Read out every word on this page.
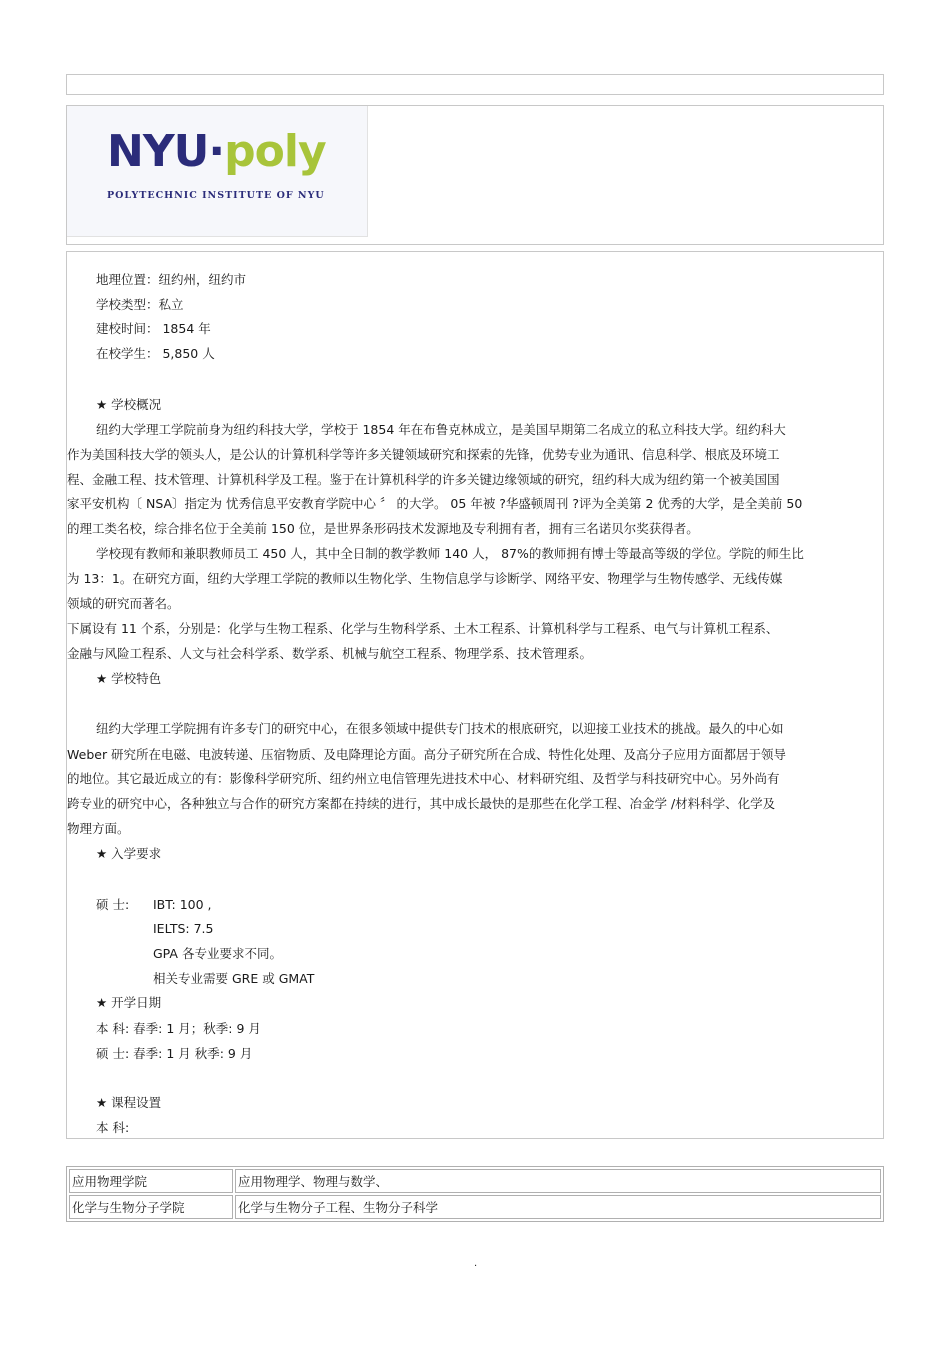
NYU·poly
POLYTECHNIC INSTITUTE OF NYU
地理位置：纽约州，纽约市
学校类型：私立
建校时间： 1854 年
在校学生： 5,850 人
★ 学校概况
纽约大学理工学院前身为纽约科技大学，学校于 1854 年在布鲁克林成立，是美国早期第二名成立的私立科技大学。纽约科大
作为美国科技大学的领头人，是公认的计算机科学等许多关键领域研究和探索的先锋，优势专业为通讯、信息科学、根底及环境工
程、金融工程、技术管理、计算机科学及工程。鉴于在计算机科学的许多关键边缘领域的研究，纽约科大成为纽约第一个被美国国
家平安机构〔 NSA〕指定为 忧秀信息平安教育学院中心 〞 的大学。 05 年被 ?华盛顿周刊 ?评为全美第 2 优秀的大学，是全美前 50
的理工类名校，综合排名位于全美前 150 位，是世界条形码技术发源地及专利拥有者，拥有三名诺贝尔奖获得者。
学校现有教师和兼职教师员工 450 人，其中全日制的教学教师 140 人， 87%的教师拥有博士等最高等级的学位。学院的师生比
为 13：1。在研究方面，纽约大学理工学院的教师以生物化学、生物信息学与诊断学、网络平安、物理学与生物传感学、无线传媒
领域的研究而著名。
下属设有 11 个系，分别是：化学与生物工程系、化学与生物科学系、土木工程系、计算机科学与工程系、电气与计算机工程系、
金融与风险工程系、人文与社会科学系、数学系、机械与航空工程系、物理学系、技术管理系。
★ 学校特色
纽约大学理工学院拥有许多专门的研究中心，在很多领域中提供专门技术的根底研究，以迎接工业技术的挑战。最久的中心如
Weber 研究所在电磁、电波转递、压宿物质、及电降理论方面。高分子研究所在合成、特性化处理、及高分子应用方面都居于领导
的地位。其它最近成立的有：影像科学研究所、纽约州立电信管理先进技术中心、材料研究组、及哲学与科技研究中心。另外尚有
跨专业的研究中心，各种独立与合作的研究方案都在持续的进行，其中成长最快的是那些在化学工程、冶金学 /材料科学、化学及
物理方面。
★ 入学要求
硕 士: IBT: 100 ,
IELTS: 7.5
GPA 各专业要求不同。
相关专业需要 GRE 或 GMAT
★ 开学日期
本 科: 春季: 1 月；秋季: 9 月
硕 士: 春季: 1 月 秋季: 9 月
★ 课程设置
本 科:
应用物理学院	应用物理学、物理与数学、
化学与生物分子学院	化学与生物分子工程、生物分子科学
.
